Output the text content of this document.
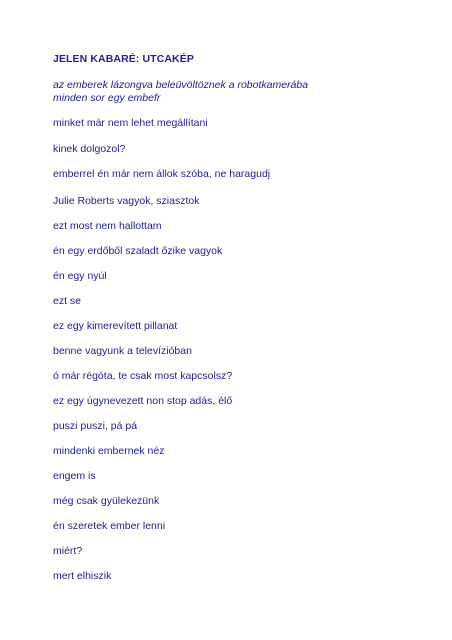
JELEN KABARÉ: UTCAKÉP
az emberek lázongva beleüvöltöznek a robotkamerába
minden sor egy embefr
minket már nem lehet megállítani
kinek dolgozol?
emberrel én már nem állok szóba, ne haragudj
Julie Roberts vagyok, sziasztok
ezt most nem hallottam
én egy erdőből szaladt őzike vagyok
én egy nyúl
ezt se
ez egy kimerevített pillanat
benne vagyunk a televízióban
ó már régóta, te csak most kapcsolsz?
ez egy úgynevezett non stop adás, élő
puszi puszi, pá pá
mindenki embernek néz
engem is
még csak gyülekezünk
én szeretek ember lenni
miért?
mert elhiszik
